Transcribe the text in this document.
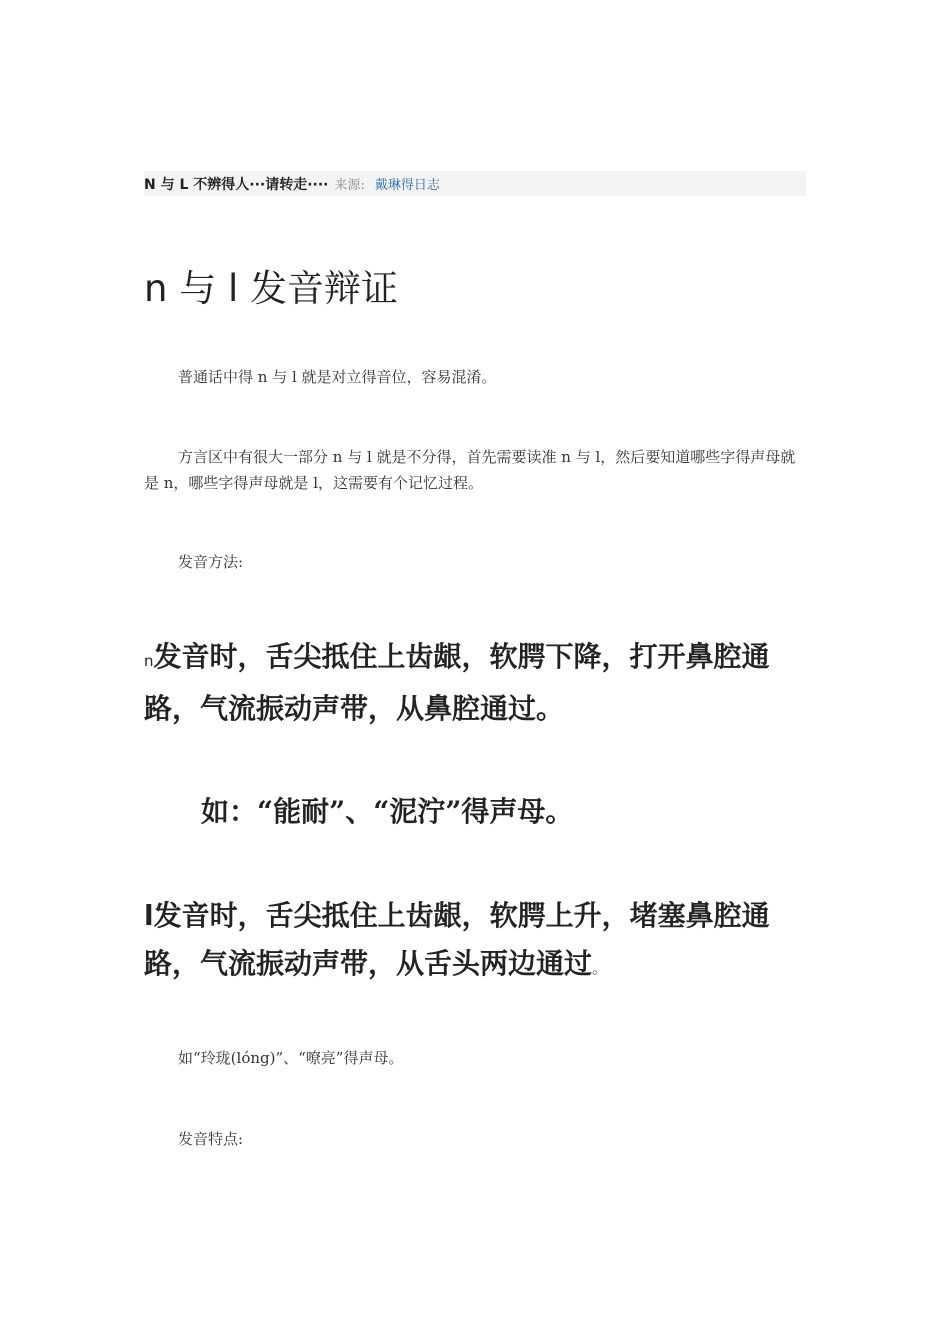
N 与 L 不辨得人···请转走···· 来源: 戴琳得日志
n 与 l 发音辩证

普通话中得 n 与 l 就是对立得音位，容易混淆。

方言区中有很大一部分 n 与 l 就是不分得，首先需要读准 n 与 l，然后要知道哪些字得声母就是 n，哪些字得声母就是 l，这需要有个记忆过程。

发音方法:

n发音时，舌尖抵住上齿龈，软腭下降，打开鼻腔通路，气流振动声带，从鼻腔通过。

如：“能耐”、“泥泞”得声母。

l发音时，舌尖抵住上齿龈，软腭上升，堵塞鼻腔通路，气流振动声带，从舌头两边通过。

如“玲珑(lóng)”、“嘹亮”得声母。

发音特点:
